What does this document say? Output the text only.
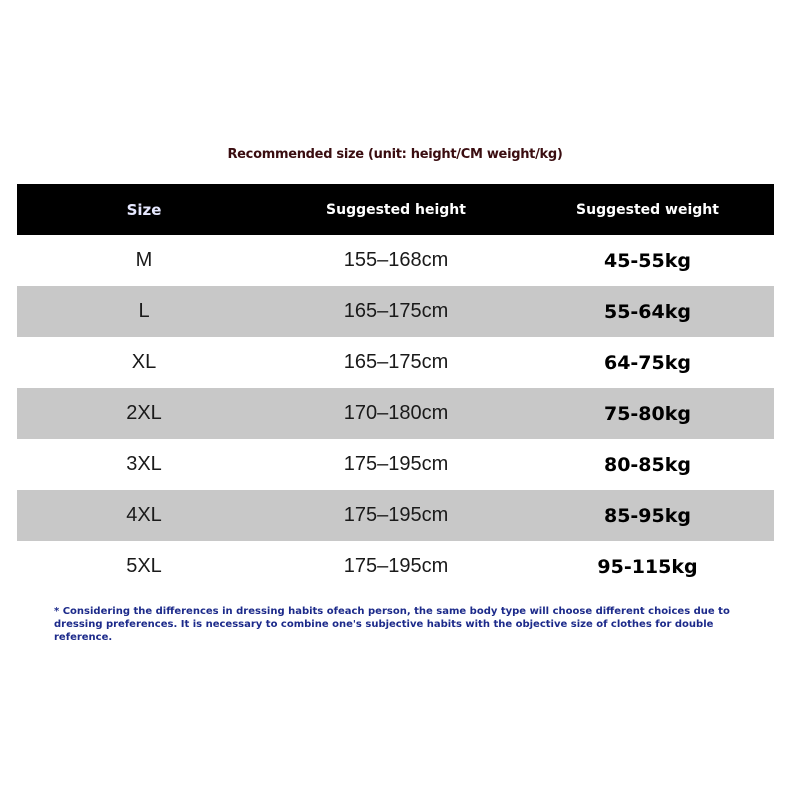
Recommended size (unit: height/CM weight/kg)
Size	Suggested height	Suggested weight
M	155–168cm	45-55kg
L	165–175cm	55-64kg
XL	165–175cm	64-75kg
2XL	170–180cm	75-80kg
3XL	175–195cm	80-85kg
4XL	175–195cm	85-95kg
5XL	175–195cm	95-115kg
* Considering the differences in dressing habits ofeach person, the same body type will choose different choices due to dressing preferences. It is necessary to combine one's subjective habits with the objective size of clothes for double reference.
